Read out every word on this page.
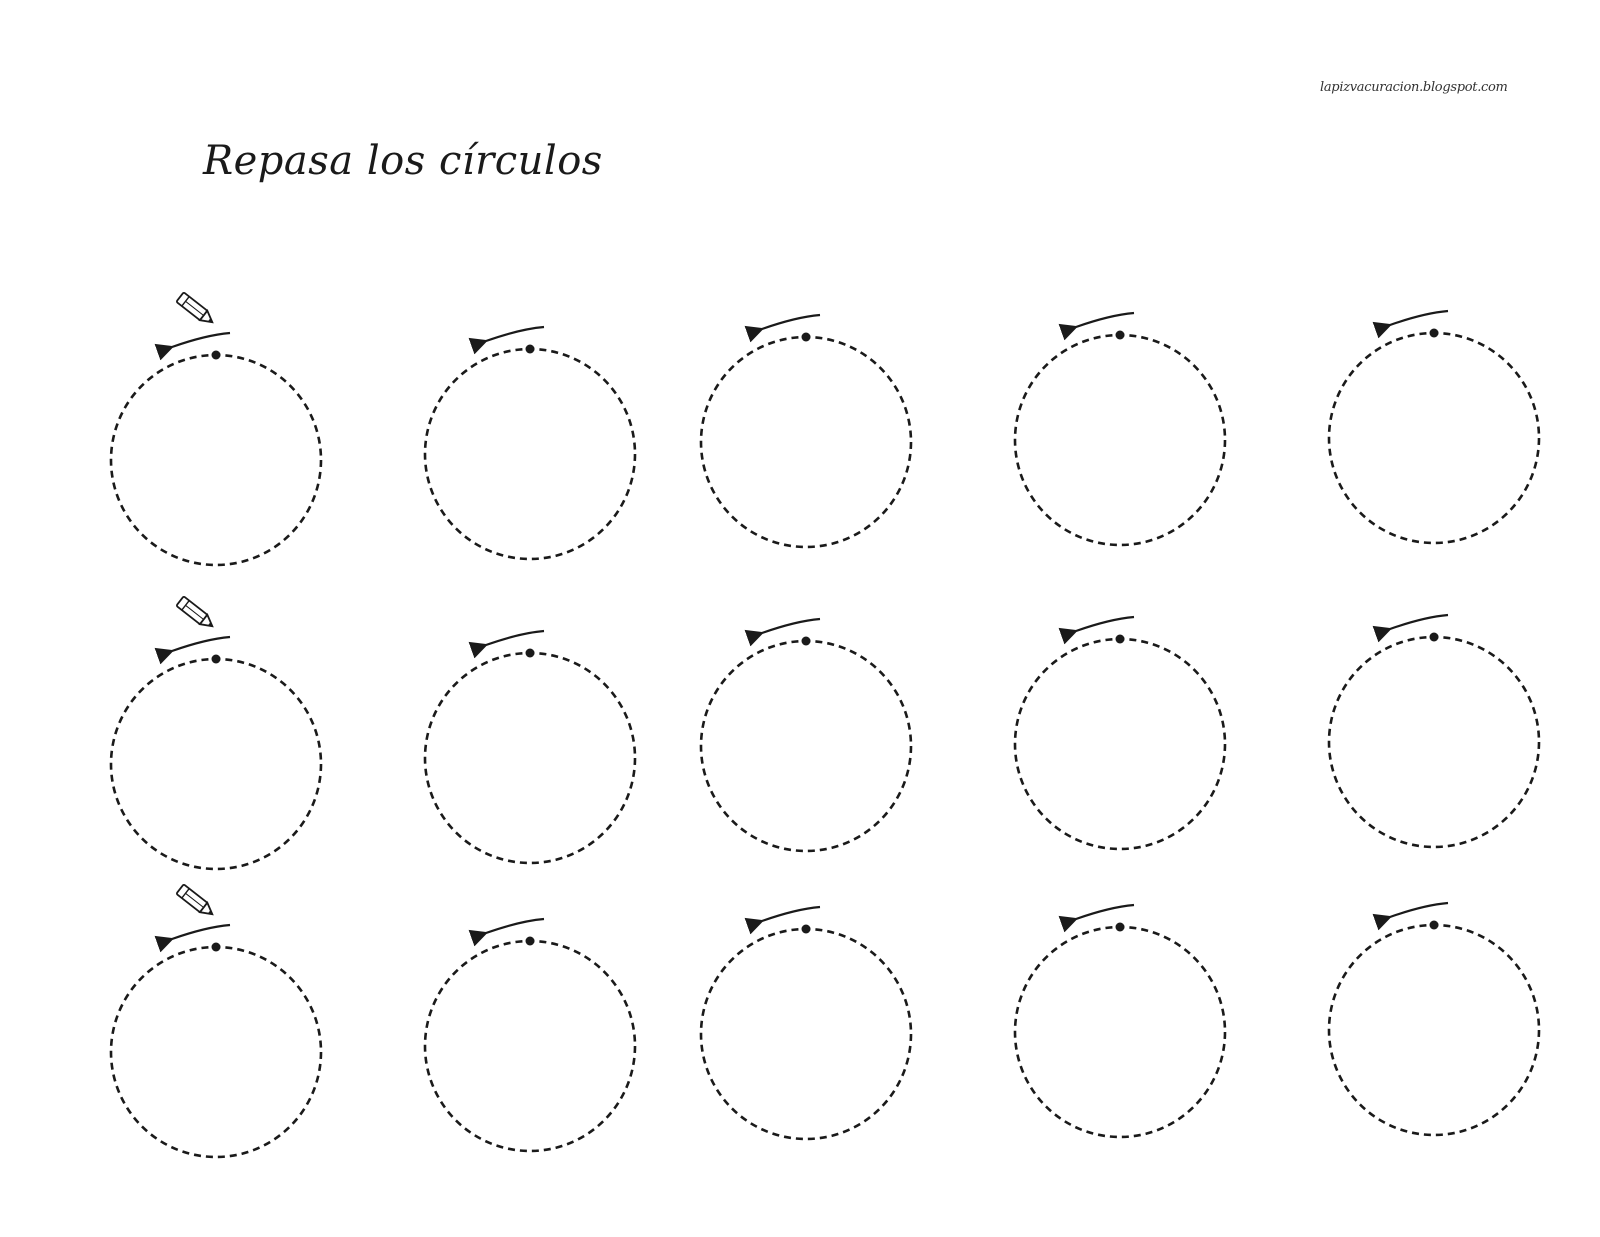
lapizvacuracion.blogspot.com
Repasa los círculos
